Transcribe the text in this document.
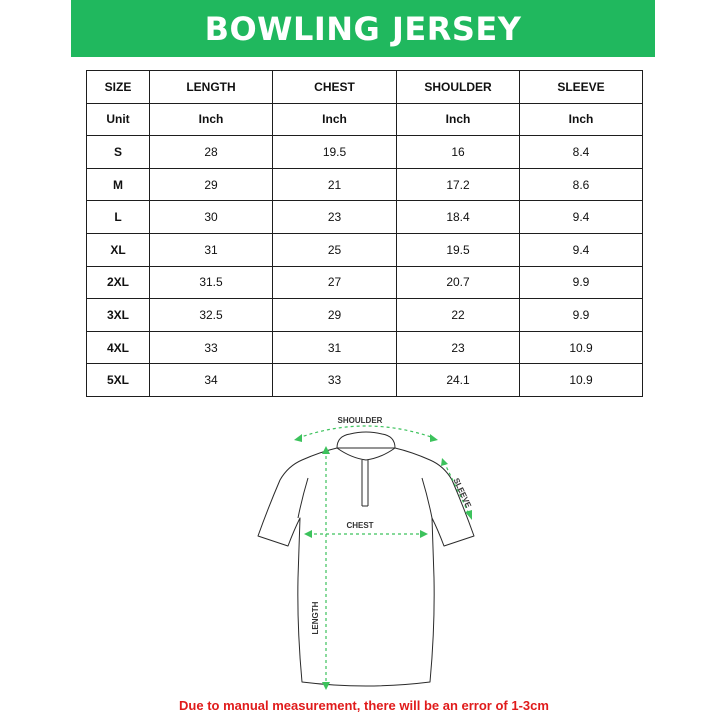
BOWLING JERSEY
SIZE	LENGTH	CHEST	SHOULDER	SLEEVE
Unit	Inch	Inch	Inch	Inch
S	28	19.5	16	8.4
M	29	21	17.2	8.6
L	30	23	18.4	9.4
XL	31	25	19.5	9.4
2XL	31.5	27	20.7	9.9
3XL	32.5	29	22	9.9
4XL	33	31	23	10.9
5XL	34	33	24.1	10.9
SHOULDER
CHEST
SLEEVE
LENGTH
Due to manual measurement, there will be an error of 1-3cm
